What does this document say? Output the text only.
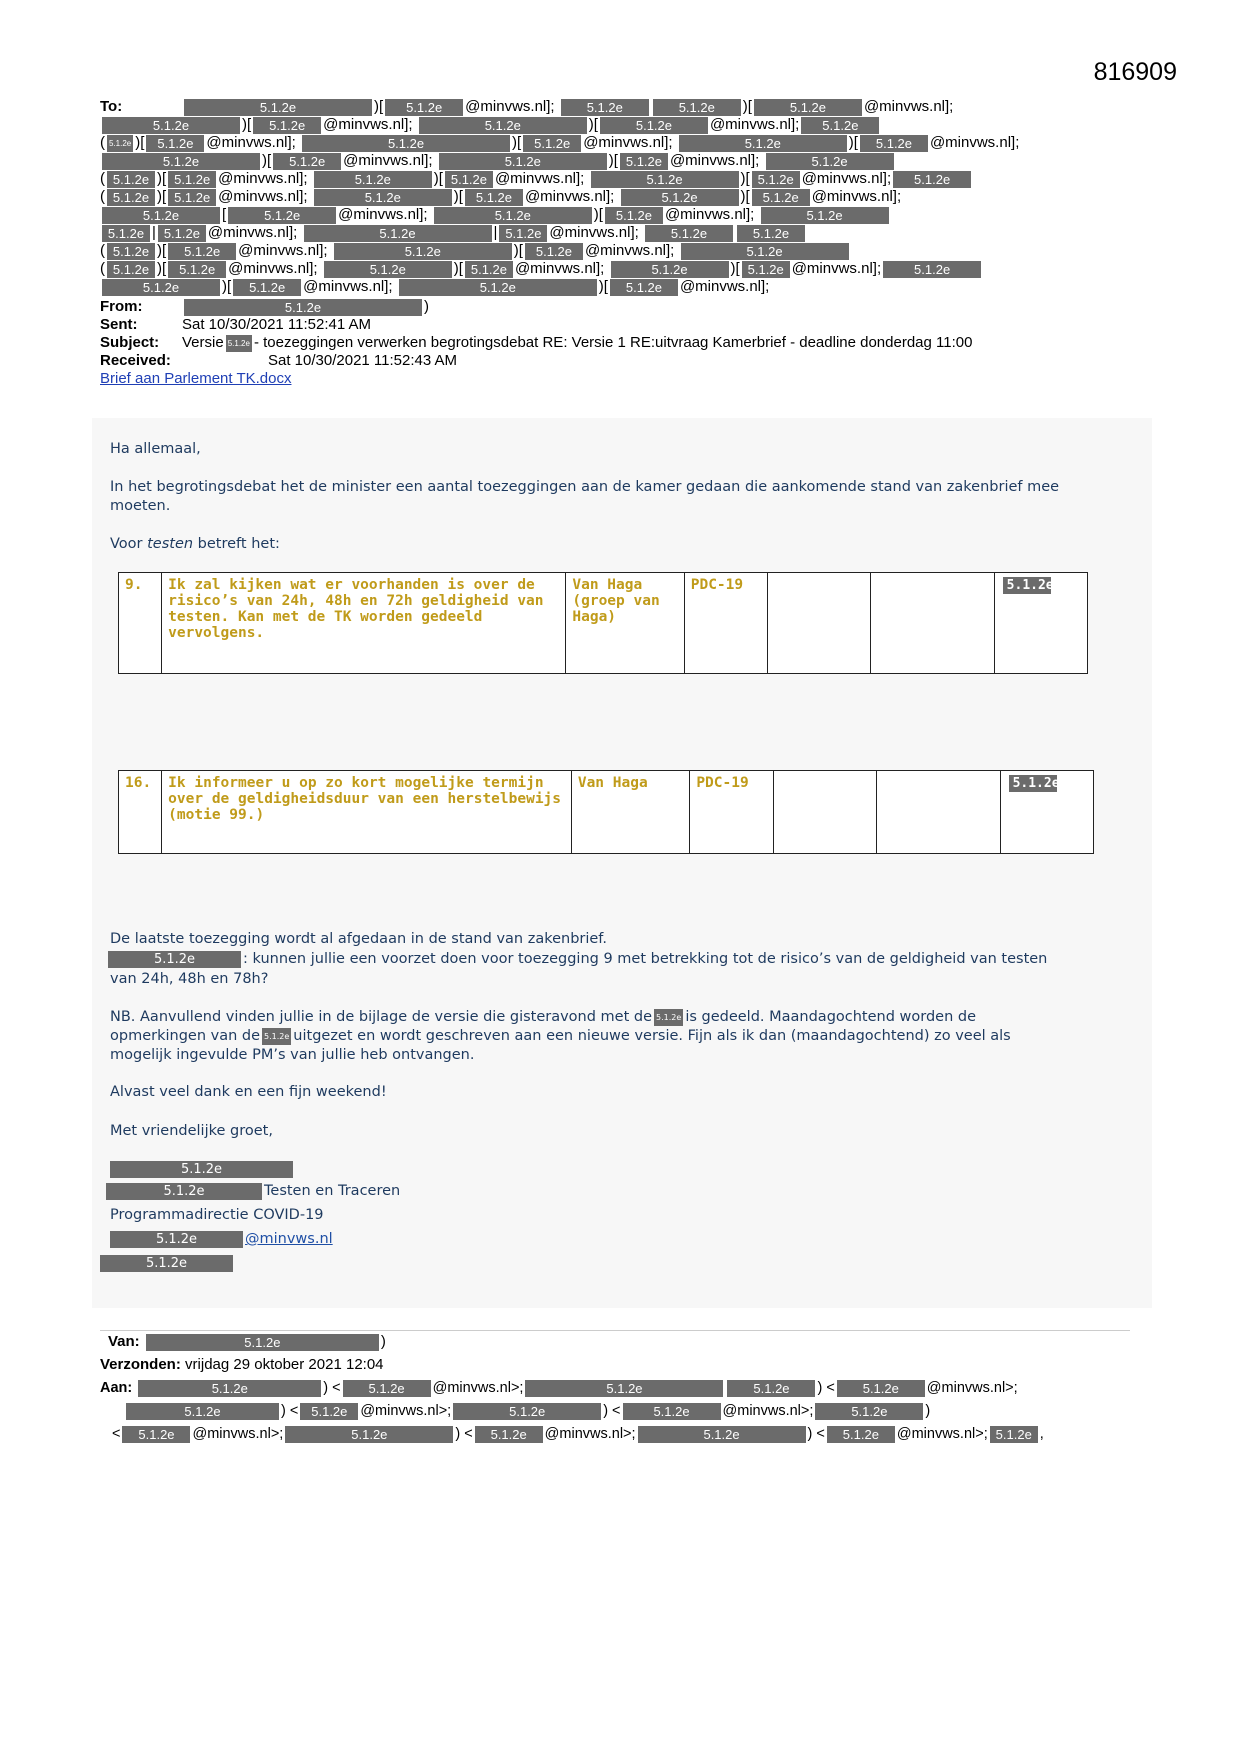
816909
To:	5.1.2e	)[ 5.1.2e @minvws.nl]; 5.1.2e	5.1.2e )[	5.1.2e	@minvws.nl];
5.1.2e	)[ 5.1.2e @minvws.nl];	5.1.2e	)[	5.1.2e	@minvws.nl]; 5.1.2e
( 5.1.2e )[ 5.1.2e @minvws.nl];	5.1.2e	)[ 5.1.2e @minvws.nl];	5.1.2e	)[ 5.1.2e @minvws.nl];
5.1.2e	)[ 5.1.2e @minvws.nl];	5.1.2e	)[ 5.1.2e @minvws.nl];	5.1.2e
( 5.1.2e )[ 5.1.2e @minvws.nl];	5.1.2e	)[ 5.1.2e @minvws.nl];	5.1.2e	)[ 5.1.2e @minvws.nl]; 5.1.2e
( 5.1.2e )[ 5.1.2e @minvws.nl];	5.1.2e	)[ 5.1.2e @minvws.nl];	5.1.2e	)[ 5.1.2e @minvws.nl];
5.1.2e	[	5.1.2e	@minvws.nl];	5.1.2e	)[ 5.1.2e @minvws.nl];	5.1.2e
5.1.2e | 5.1.2e @minvws.nl];	5.1.2e	| 5.1.2e @minvws.nl]; 5.1.2e	5.1.2e
( 5.1.2e )[ 5.1.2e @minvws.nl];	5.1.2e	)[ 5.1.2e @minvws.nl];	5.1.2e
( 5.1.2e )[ 5.1.2e @minvws.nl];	5.1.2e	)[ 5.1.2e @minvws.nl];	5.1.2e	)[ 5.1.2e @minvws.nl];	5.1.2e
5.1.2e	)[ 5.1.2e @minvws.nl];	5.1.2e	)[ 5.1.2e @minvws.nl];
From:	5.1.2e	)
Sent:	Sat 10/30/2021 11:52:41 AM
Subject: Versie 5.1.2e - toezeggingen verwerken begrotingsdebat RE: Versie 1 RE:uitvraag Kamerbrief - deadline donderdag 11:00
Received:	Sat 10/30/2021 11:52:43 AM
Brief aan Parlement TK.docx
Ha allemaal,
In het begrotingsdebat het de minister een aantal toezeggingen aan de kamer gedaan die aankomende stand van zakenbrief mee moeten.
Voor testen betreft het:
9.	Ik zal kijken wat er voorhanden is over de risico’s van 24h, 48h en 72h geldigheid van testen. Kan met de TK worden gedeeld vervolgens.	Van Haga (groep van Haga)	PDC-19			5.1.2e
16.	Ik informeer u op zo kort mogelijke termijn over de geldigheidsduur van een herstelbewijs (motie 99.)	Van Haga	PDC-19			5.1.2e
De laatste toezegging wordt al afgedaan in de stand van zakenbrief.
5.1.2e	: kunnen jullie een voorzet doen voor toezegging 9 met betrekking tot de risico’s van de geldigheid van testen
van 24h, 48h en 78h?
NB. Aanvullend vinden jullie in de bijlage de versie die gisteravond met de 5.1.2e is gedeeld. Maandagochtend worden de
opmerkingen van de 5.1.2e uitgezet en wordt geschreven aan een nieuwe versie. Fijn als ik dan (maandagochtend) zo veel als
mogelijk ingevulde PM’s van jullie heb ontvangen.
Alvast veel dank en een fijn weekend!
Met vriendelijke groet,
5.1.2e
5.1.2e	Testen en Traceren
Programmadirectie COVID-19
5.1.2e	@minvws.nl
5.1.2e
Van:	5.1.2e	)
Verzonden: vrijdag 29 oktober 2021 12:04
Aan:	5.1.2e	) < 5.1.2e @minvws.nl>;	5.1.2e	5.1.2e ) < 5.1.2e @minvws.nl>;
5.1.2e	) < 5.1.2e @minvws.nl>;	5.1.2e	) <	5.1.2e @minvws.nl>;	5.1.2e	)
< 5.1.2e @minvws.nl>;	5.1.2e	) < 5.1.2e @minvws.nl>;	5.1.2e	) < 5.1.2e @minvws.nl>; 5.1.2e ,
